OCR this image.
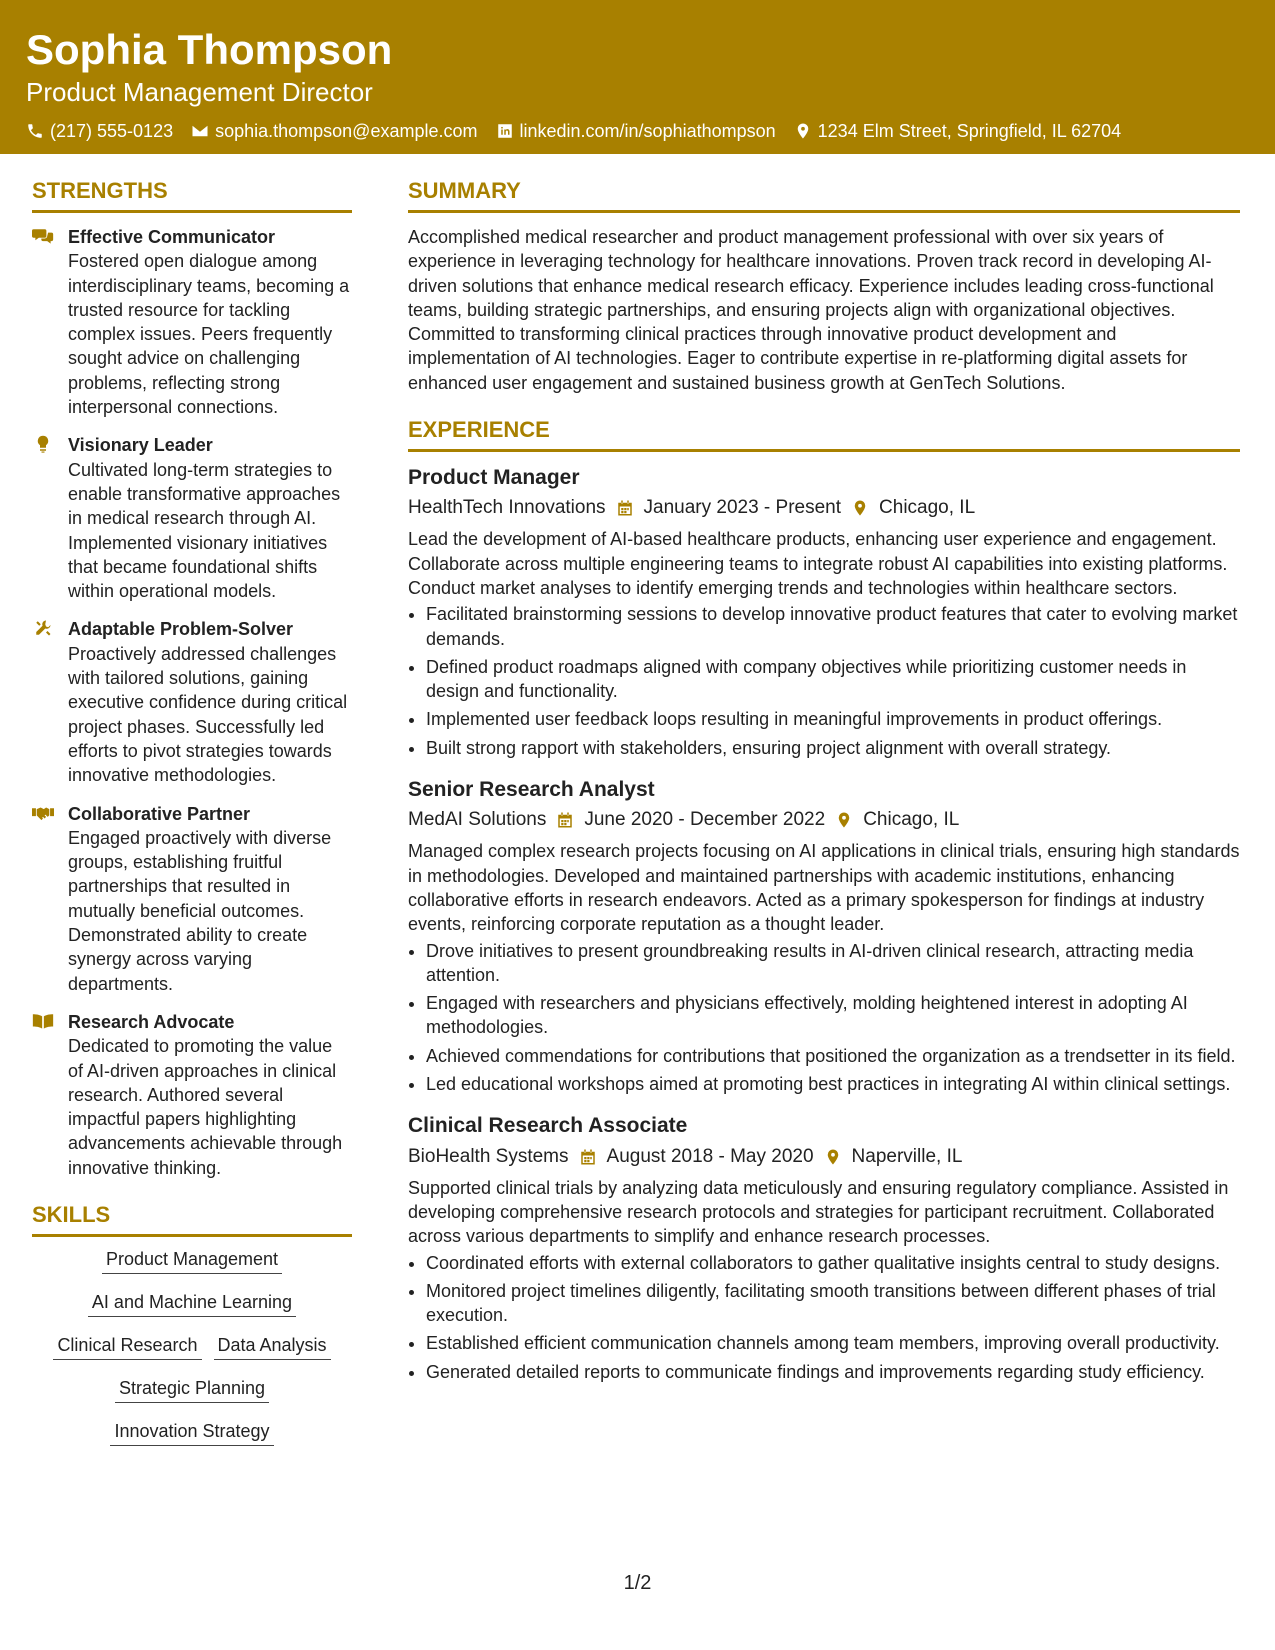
Sophia Thompson
Product Management Director
(217) 555-0123 sophia.thompson@example.com linkedin.com/in/sophiathompson 1234 Elm Street, Springfield, IL 62704
STRENGTHS
Effective Communicator
Fostered open dialogue among interdisciplinary teams, becoming a trusted resource for tackling complex issues. Peers frequently sought advice on challenging problems, reflecting strong interpersonal connections.
Visionary Leader
Cultivated long-term strategies to enable transformative approaches in medical research through AI. Implemented visionary initiatives that became foundational shifts within operational models.
Adaptable Problem-Solver
Proactively addressed challenges with tailored solutions, gaining executive confidence during critical project phases. Successfully led efforts to pivot strategies towards innovative methodologies.
Collaborative Partner
Engaged proactively with diverse groups, establishing fruitful partnerships that resulted in mutually beneficial outcomes. Demonstrated ability to create synergy across varying departments.
Research Advocate
Dedicated to promoting the value of AI-driven approaches in clinical research. Authored several impactful papers highlighting advancements achievable through innovative thinking.
SKILLS
Product Management
AI and Machine Learning
Clinical Research Data Analysis
Strategic Planning
Innovation Strategy
SUMMARY
Accomplished medical researcher and product management professional with over six years of experience in leveraging technology for healthcare innovations. Proven track record in developing AI-driven solutions that enhance medical research efficacy. Experience includes leading cross-functional teams, building strategic partnerships, and ensuring projects align with organizational objectives. Committed to transforming clinical practices through innovative product development and implementation of AI technologies. Eager to contribute expertise in re-platforming digital assets for enhanced user engagement and sustained business growth at GenTech Solutions.
EXPERIENCE
Product Manager
HealthTech Innovations January 2023 - Present Chicago, IL
Lead the development of AI-based healthcare products, enhancing user experience and engagement. Collaborate across multiple engineering teams to integrate robust AI capabilities into existing platforms. Conduct market analyses to identify emerging trends and technologies within healthcare sectors.
• Facilitated brainstorming sessions to develop innovative product features that cater to evolving market demands.
• Defined product roadmaps aligned with company objectives while prioritizing customer needs in design and functionality.
• Implemented user feedback loops resulting in meaningful improvements in product offerings.
• Built strong rapport with stakeholders, ensuring project alignment with overall strategy.
Senior Research Analyst
MedAI Solutions June 2020 - December 2022 Chicago, IL
Managed complex research projects focusing on AI applications in clinical trials, ensuring high standards in methodologies. Developed and maintained partnerships with academic institutions, enhancing collaborative efforts in research endeavors. Acted as a primary spokesperson for findings at industry events, reinforcing corporate reputation as a thought leader.
• Drove initiatives to present groundbreaking results in AI-driven clinical research, attracting media attention.
• Engaged with researchers and physicians effectively, molding heightened interest in adopting AI methodologies.
• Achieved commendations for contributions that positioned the organization as a trendsetter in its field.
• Led educational workshops aimed at promoting best practices in integrating AI within clinical settings.
Clinical Research Associate
BioHealth Systems August 2018 - May 2020 Naperville, IL
Supported clinical trials by analyzing data meticulously and ensuring regulatory compliance. Assisted in developing comprehensive research protocols and strategies for participant recruitment. Collaborated across various departments to simplify and enhance research processes.
• Coordinated efforts with external collaborators to gather qualitative insights central to study designs.
• Monitored project timelines diligently, facilitating smooth transitions between different phases of trial execution.
• Established efficient communication channels among team members, improving overall productivity.
• Generated detailed reports to communicate findings and improvements regarding study efficiency.
1/2
